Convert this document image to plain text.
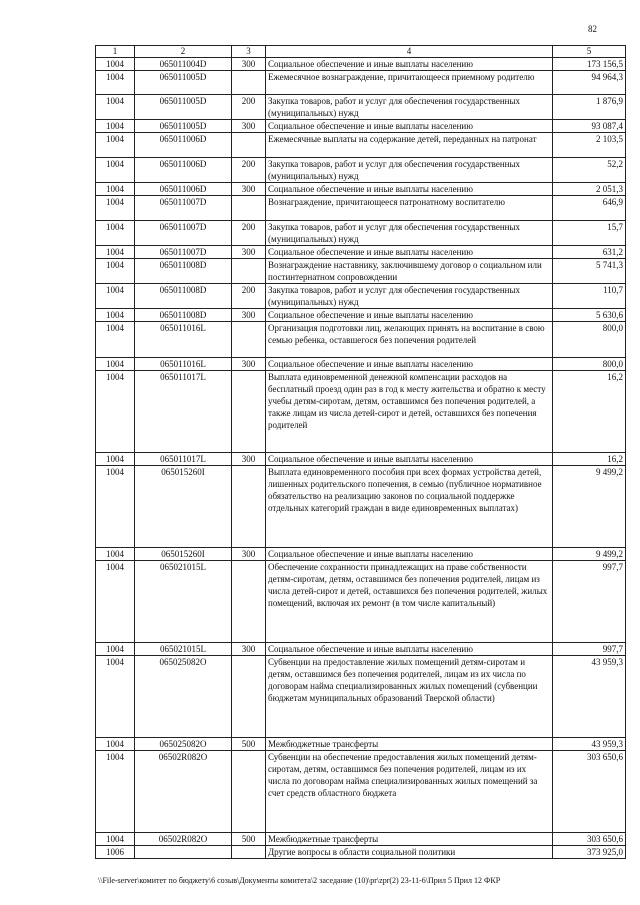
82
1	2	3	4	5
1004	065011004D	300	Социальное обеспечение и иные выплаты населению	173 156,5
1004	065011005D		Ежемесячное вознаграждение, причитающееся приемному родителю	94 964,3
1004	065011005D	200	Закупка товаров, работ и услуг для обеспечения государственных (муниципальных) нужд	1 876,9
1004	065011005D	300	Социальное обеспечение и иные выплаты населению	93 087,4
1004	065011006D		Ежемесячные выплаты на содержание детей, переданных на патронат	2 103,5
1004	065011006D	200	Закупка товаров, работ и услуг для обеспечения государственных (муниципальных) нужд	52,2
1004	065011006D	300	Социальное обеспечение и иные выплаты населению	2 051,3
1004	065011007D		Вознаграждение, причитающееся патронатному воспитателю	646,9
1004	065011007D	200	Закупка товаров, работ и услуг для обеспечения государственных (муниципальных) нужд	15,7
1004	065011007D	300	Социальное обеспечение и иные выплаты населению	631,2
1004	065011008D		Вознаграждение наставнику, заключившему договор о социальном или постинтернатном сопровождении	5 741,3
1004	065011008D	200	Закупка товаров, работ и услуг для обеспечения государственных (муниципальных) нужд	110,7
1004	065011008D	300	Социальное обеспечение и иные выплаты населению	5 630,6
1004	065011016L		Организация подготовки лиц, желающих принять на воспитание в свою семью ребенка, оставшегося без попечения родителей	800,0
1004	065011016L	300	Социальное обеспечение и иные выплаты населению	800,0
1004	065011017L		Выплата единовременной денежной компенсации расходов на бесплатный проезд один раз в год к месту жительства и обратно к месту учебы детям-сиротам, детям, оставшимся без попечения родителей, а также лицам из числа детей-сирот и детей, оставшихся без попечения родителей	16,2
1004	065011017L	300	Социальное обеспечение и иные выплаты населению	16,2
1004	065015260I		Выплата единовременного пособия при всех формах устройства детей, лишенных родительского попечения, в семью (публичное нормативное обязательство на реализацию законов по социальной поддержке отдельных категорий граждан в виде единовременных выплатах)	9 499,2
1004	065015260I	300	Социальное обеспечение и иные выплаты населению	9 499,2
1004	065021015L		Обеспечение сохранности принадлежащих на праве собственности детям-сиротам, детям, оставшимся без попечения родителей, лицам из числа детей-сирот и детей, оставшихся без попечения родителей, жилых помещений, включая их ремонт (в том числе капитальный)	997,7
1004	065021015L	300	Социальное обеспечение и иные выплаты населению	997,7
1004	065025082O		Субвенции на предоставление жилых помещений детям-сиротам и детям, оставшимся без попечения родителей, лицам из их числа по договорам найма специализированных жилых помещений (субвенции бюджетам муниципальных образований Тверской области)	43 959,3
1004	065025082O	500	Межбюджетные трансферты	43 959,3
1004	06502R082O		Субвенции на обеспечение предоставления жилых помещений детям-сиротам, детям, оставшимся без попечения родителей, лицам из их числа по договорам найма специализированных жилых помещений за счет средств областного бюджета	303 650,6
1004	06502R082O	500	Межбюджетные трансферты	303 650,6
1006			Другие вопросы в области социальной политики	373 925,0
\\File-server\комитет по бюджету\6 созыв\Документы комитета\2 заседание (10)\pr\zpr(2) 23-11-6\Прил 5 Прил 12 ФКР
